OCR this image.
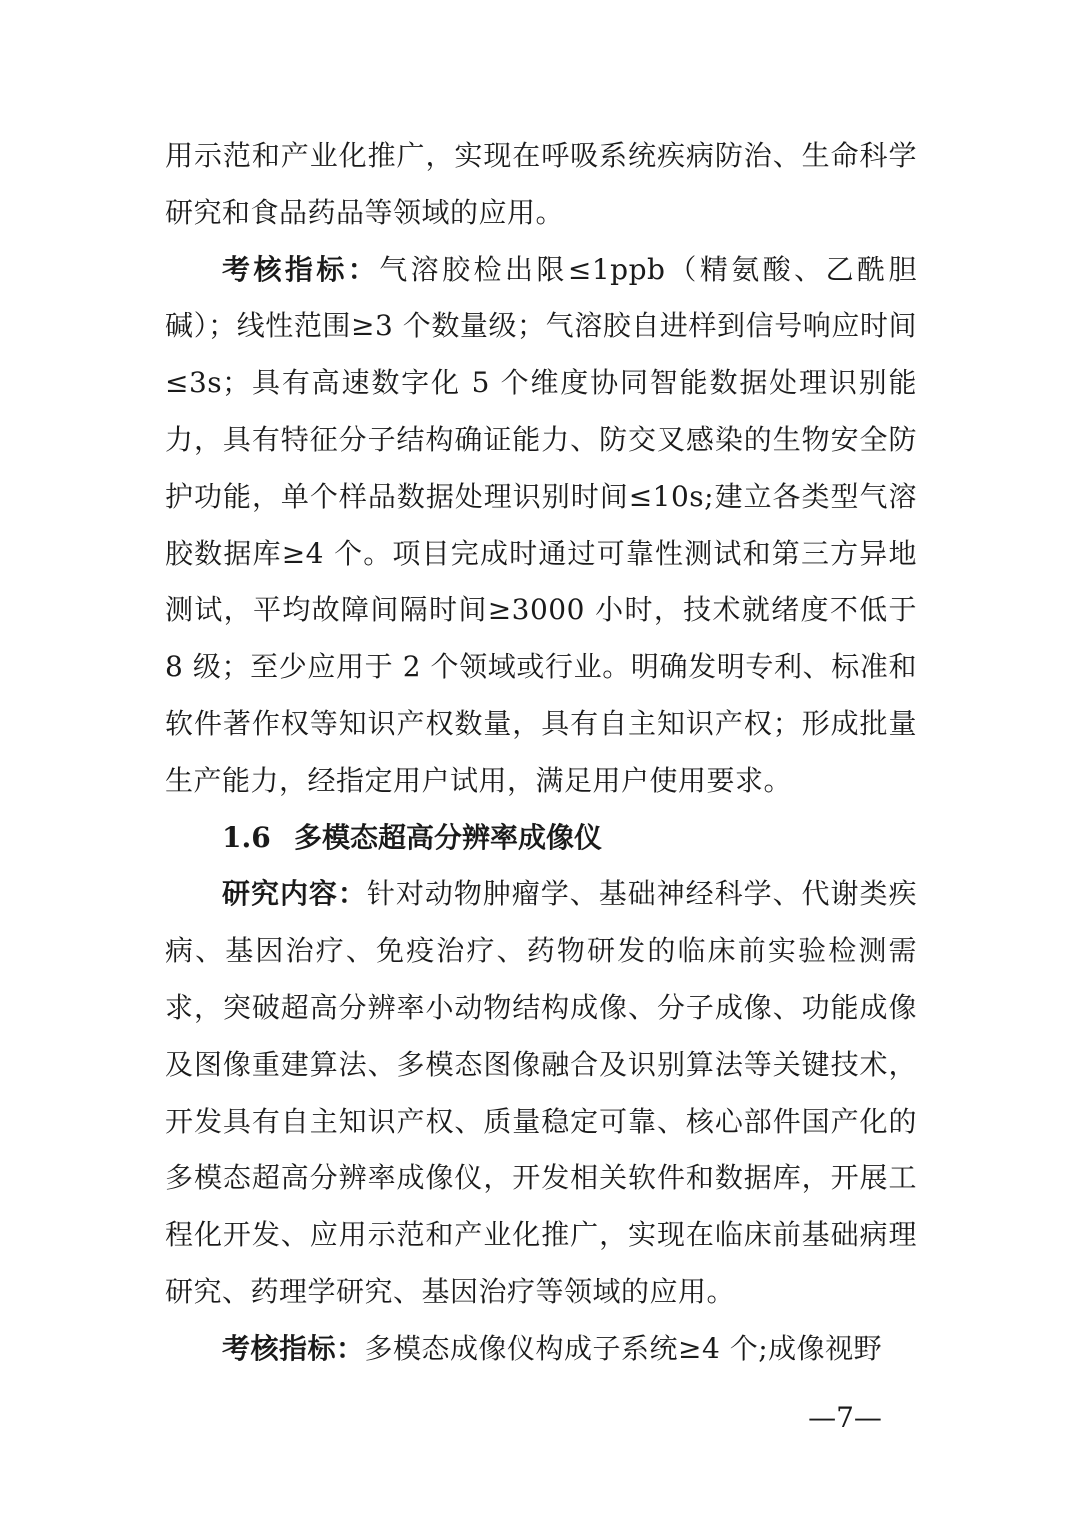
用示范和产业化推广，实现在呼吸系统疾病防治、生命科学研究和食品药品等领域的应用。

考核指标：气溶胶检出限≤1ppb（精氨酸、乙酰胆碱）；线性范围≥3 个数量级；气溶胶自进样到信号响应时间≤3s；具有高速数字化 5 个维度协同智能数据处理识别能力，具有特征分子结构确证能力、防交叉感染的生物安全防护功能，单个样品数据处理识别时间≤10s;建立各类型气溶胶数据库≥4 个。项目完成时通过可靠性测试和第三方异地测试，平均故障间隔时间≥3000 小时，技术就绪度不低于 8 级；至少应用于 2 个领域或行业。明确发明专利、标准和软件著作权等知识产权数量，具有自主知识产权；形成批量生产能力，经指定用户试用，满足用户使用要求。

1.6 多模态超高分辨率成像仪

研究内容：针对动物肿瘤学、基础神经科学、代谢类疾病、基因治疗、免疫治疗、药物研发的临床前实验检测需求，突破超高分辨率小动物结构成像、分子成像、功能成像及图像重建算法、多模态图像融合及识别算法等关键技术，开发具有自主知识产权、质量稳定可靠、核心部件国产化的多模态超高分辨率成像仪，开发相关软件和数据库，开展工程化开发、应用示范和产业化推广，实现在临床前基础病理研究、药理学研究、基因治疗等领域的应用。

考核指标：多模态成像仪构成子系统≥4 个;成像视野

—7—
